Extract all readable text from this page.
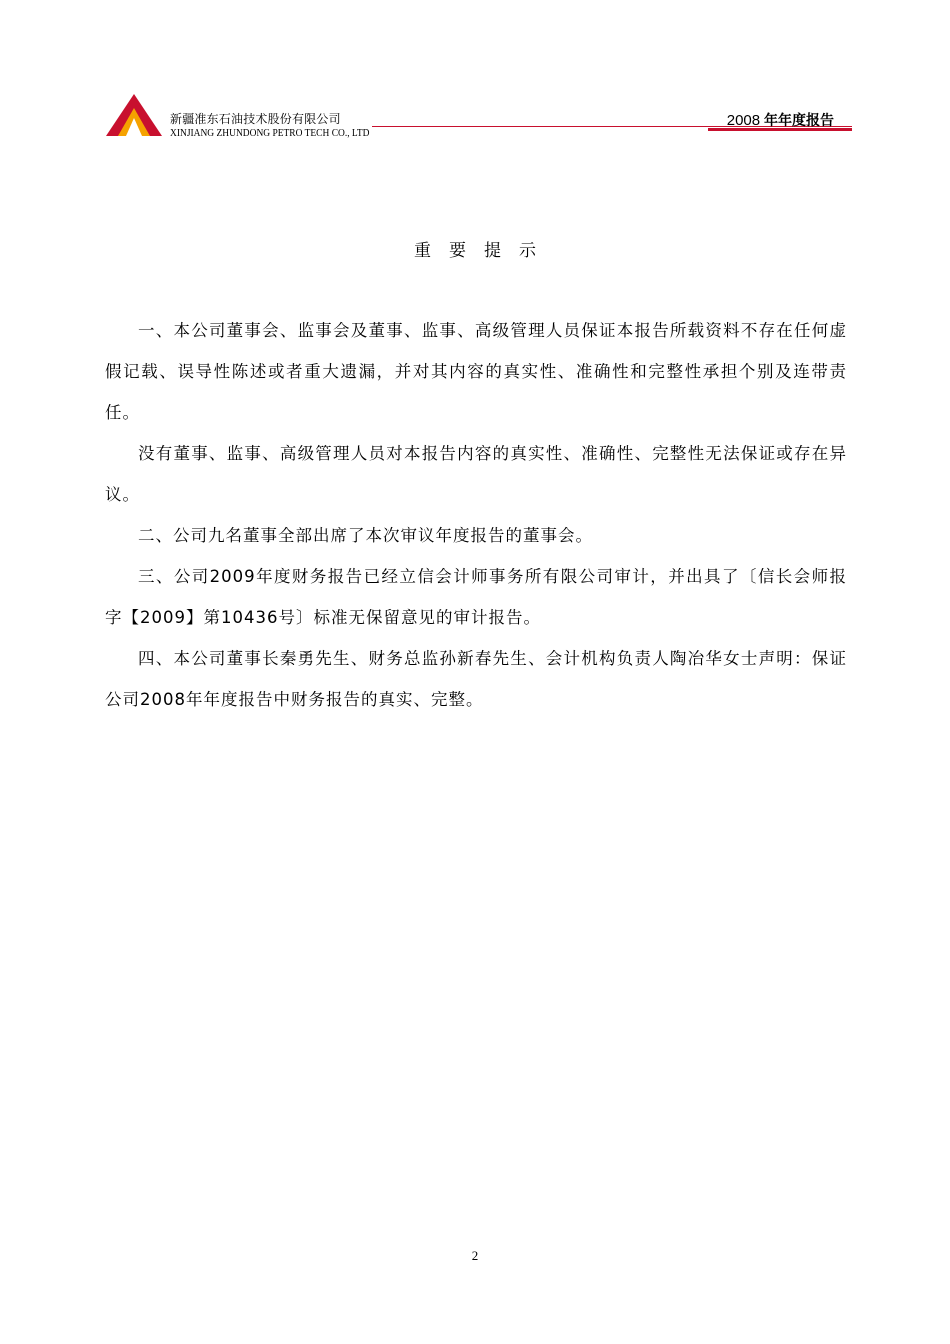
新疆准东石油技术股份有限公司
XINJIANG ZHUNDONG PETRO TECH CO., LTD
2008 年年度报告
重要提示

一、本公司董事会、监事会及董事、监事、高级管理人员保证本报告所载资料不存在任何虚假记载、误导性陈述或者重大遗漏，并对其内容的真实性、准确性和完整性承担个别及连带责任。

没有董事、监事、高级管理人员对本报告内容的真实性、准确性、完整性无法保证或存在异议。

二、公司九名董事全部出席了本次审议年度报告的董事会。

三、公司2009年度财务报告已经立信会计师事务所有限公司审计，并出具了〔信长会师报字【2009】第10436号〕标准无保留意见的审计报告。

四、本公司董事长秦勇先生、财务总监孙新春先生、会计机构负责人陶冶华女士声明：保证公司2008年年度报告中财务报告的真实、完整。

2
